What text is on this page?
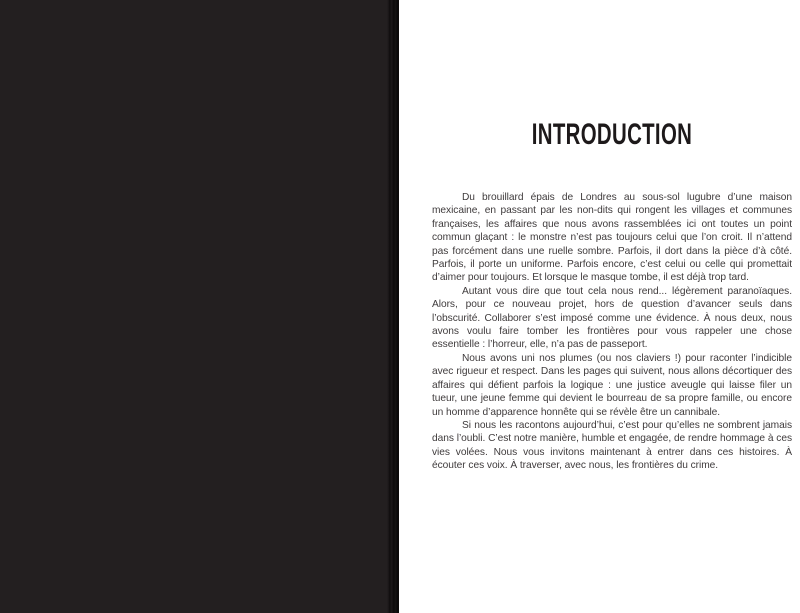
INTRODUCTION

Du brouillard épais de Londres au sous-sol lugubre d’une maison mexicaine, en passant par les non-dits qui rongent les villages et communes françaises, les affaires que nous avons rassemblées ici ont toutes un point commun glaçant : le monstre n’est pas toujours celui que l’on croit. Il n’attend pas forcément dans une ruelle sombre. Parfois, il dort dans la pièce d’à côté. Parfois, il porte un uniforme. Parfois encore, c’est celui ou celle qui promettait d’aimer pour toujours. Et lorsque le masque tombe, il est déjà trop tard.

Autant vous dire que tout cela nous rend... légèrement paranoïaques. Alors, pour ce nouveau projet, hors de question d’avancer seuls dans l’obscurité. Collaborer s’est imposé comme une évidence. À nous deux, nous avons voulu faire tomber les frontières pour vous rappeler une chose essentielle : l’horreur, elle, n’a pas de passeport.

Nous avons uni nos plumes (ou nos claviers !) pour raconter l’indicible avec rigueur et respect. Dans les pages qui suivent, nous allons décortiquer des affaires qui défient parfois la logique : une justice aveugle qui laisse filer un tueur, une jeune femme qui devient le bourreau de sa propre famille, ou encore un homme d’apparence honnête qui se révèle être un cannibale.

Si nous les racontons aujourd’hui, c’est pour qu’elles ne sombrent jamais dans l’oubli. C’est notre manière, humble et engagée, de rendre hommage à ces vies volées. Nous vous invitons maintenant à entrer dans ces histoires. À écouter ces voix. À traverser, avec nous, les frontières du crime.
